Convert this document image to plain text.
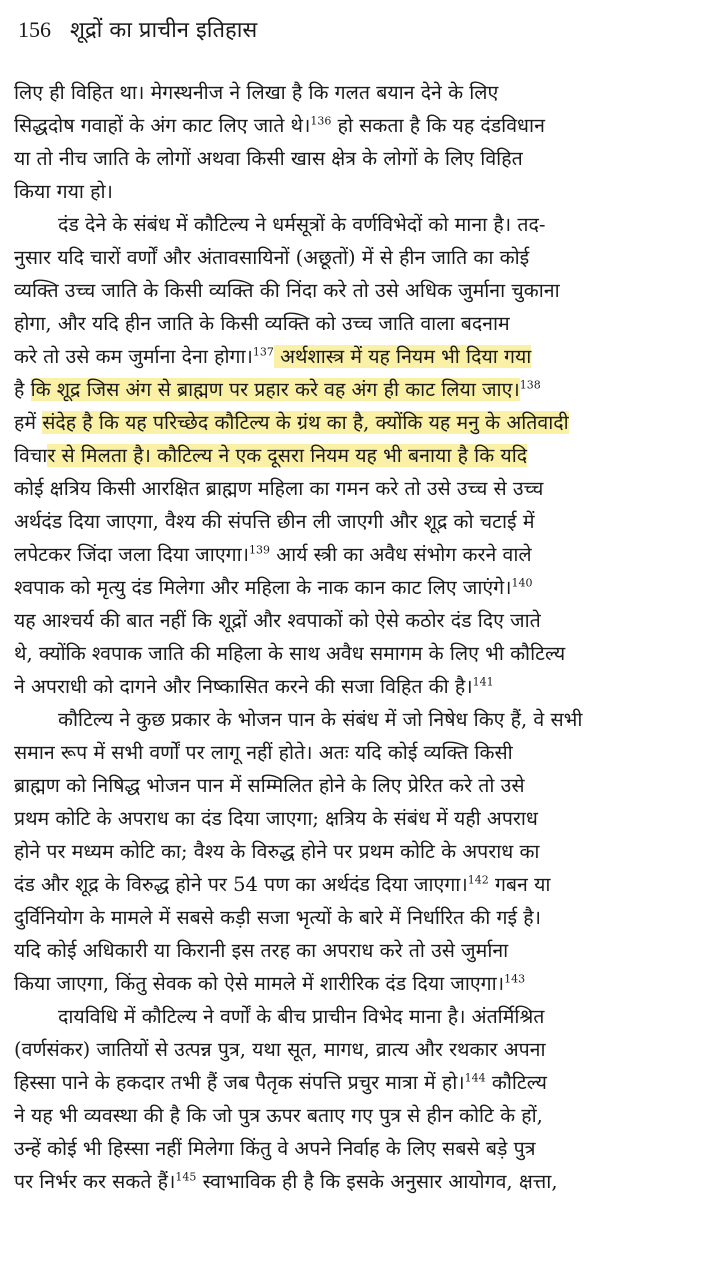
156 शूद्रों का प्राचीन इतिहास
लिए ही विहित था। मेगस्थनीज ने लिखा है कि गलत बयान देने के लिए
सिद्धदोष गवाहों के अंग काट लिए जाते थे।$^{136}$ हो सकता है कि यह दंडविधान
या तो नीच जाति के लोगों अथवा किसी खास क्षेत्र के लोगों के लिए विहित
किया गया हो।
दंड देने के संबंध में कौटिल्य ने धर्मसूत्रों के वर्णविभेदों को माना है। तद-
नुसार यदि चारों वर्णों और अंतावसायिनों (अछूतों) में से हीन जाति का कोई
व्यक्ति उच्च जाति के किसी व्यक्ति की निंदा करे तो उसे अधिक जुर्माना चुकाना
होगा, और यदि हीन जाति के किसी व्यक्ति को उच्च जाति वाला बदनाम
करे तो उसे कम जुर्माना देना होगा।$^{137}$ अर्थशास्त्र में यह नियम भी दिया गया
है कि शूद्र जिस अंग से ब्राह्मण पर प्रहार करे वह अंग ही काट लिया जाए।$^{138}$
हमें संदेह है कि यह परिच्छेद कौटिल्य के ग्रंथ का है, क्योंकि यह मनु के अतिवादी
विचार से मिलता है। कौटिल्य ने एक दूसरा नियम यह भी बनाया है कि यदि
कोई क्षत्रिय किसी आरक्षित ब्राह्मण महिला का गमन करे तो उसे उच्च से उच्च
अर्थदंड दिया जाएगा, वैश्य की संपत्ति छीन ली जाएगी और शूद्र को चटाई में
लपेटकर जिंदा जला दिया जाएगा।$^{139}$ आर्य स्त्री का अवैध संभोग करने वाले
श्वपाक को मृत्यु दंड मिलेगा और महिला के नाक कान काट लिए जाएंगे।$^{140}$
यह आश्चर्य की बात नहीं कि शूद्रों और श्वपाकों को ऐसे कठोर दंड दिए जाते
थे, क्योंकि श्वपाक जाति की महिला के साथ अवैध समागम के लिए भी कौटिल्य
ने अपराधी को दागने और निष्कासित करने की सजा विहित की है।$^{141}$
कौटिल्य ने कुछ प्रकार के भोजन पान के संबंध में जो निषेध किए हैं, वे सभी
समान रूप में सभी वर्णों पर लागू नहीं होते। अतः यदि कोई व्यक्ति किसी
ब्राह्मण को निषिद्ध भोजन पान में सम्मिलित होने के लिए प्रेरित करे तो उसे
प्रथम कोटि के अपराध का दंड दिया जाएगा; क्षत्रिय के संबंध में यही अपराध
होने पर मध्यम कोटि का; वैश्य के विरुद्ध होने पर प्रथम कोटि के अपराध का
दंड और शूद्र के विरुद्ध होने पर 54 पण का अर्थदंड दिया जाएगा।$^{142}$ गबन या
दुर्विनियोग के मामले में सबसे कड़ी सजा भृत्यों के बारे में निर्धारित की गई है।
यदि कोई अधिकारी या किरानी इस तरह का अपराध करे तो उसे जुर्माना
किया जाएगा, किंतु सेवक को ऐसे मामले में शारीरिक दंड दिया जाएगा।$^{143}$
दायविधि में कौटिल्य ने वर्णों के बीच प्राचीन विभेद माना है। अंतर्मिश्रित
(वर्णसंकर) जातियों से उत्पन्न पुत्र, यथा सूत, मागध, व्रात्य और रथकार अपना
हिस्सा पाने के हकदार तभी हैं जब पैतृक संपत्ति प्रचुर मात्रा में हो।$^{144}$ कौटिल्य
ने यह भी व्यवस्था की है कि जो पुत्र ऊपर बताए गए पुत्र से हीन कोटि के हों,
उन्हें कोई भी हिस्सा नहीं मिलेगा किंतु वे अपने निर्वाह के लिए सबसे बड़े पुत्र
पर निर्भर कर सकते हैं।$^{145}$ स्वाभाविक ही है कि इसके अनुसार आयोगव, क्षत्ता,
